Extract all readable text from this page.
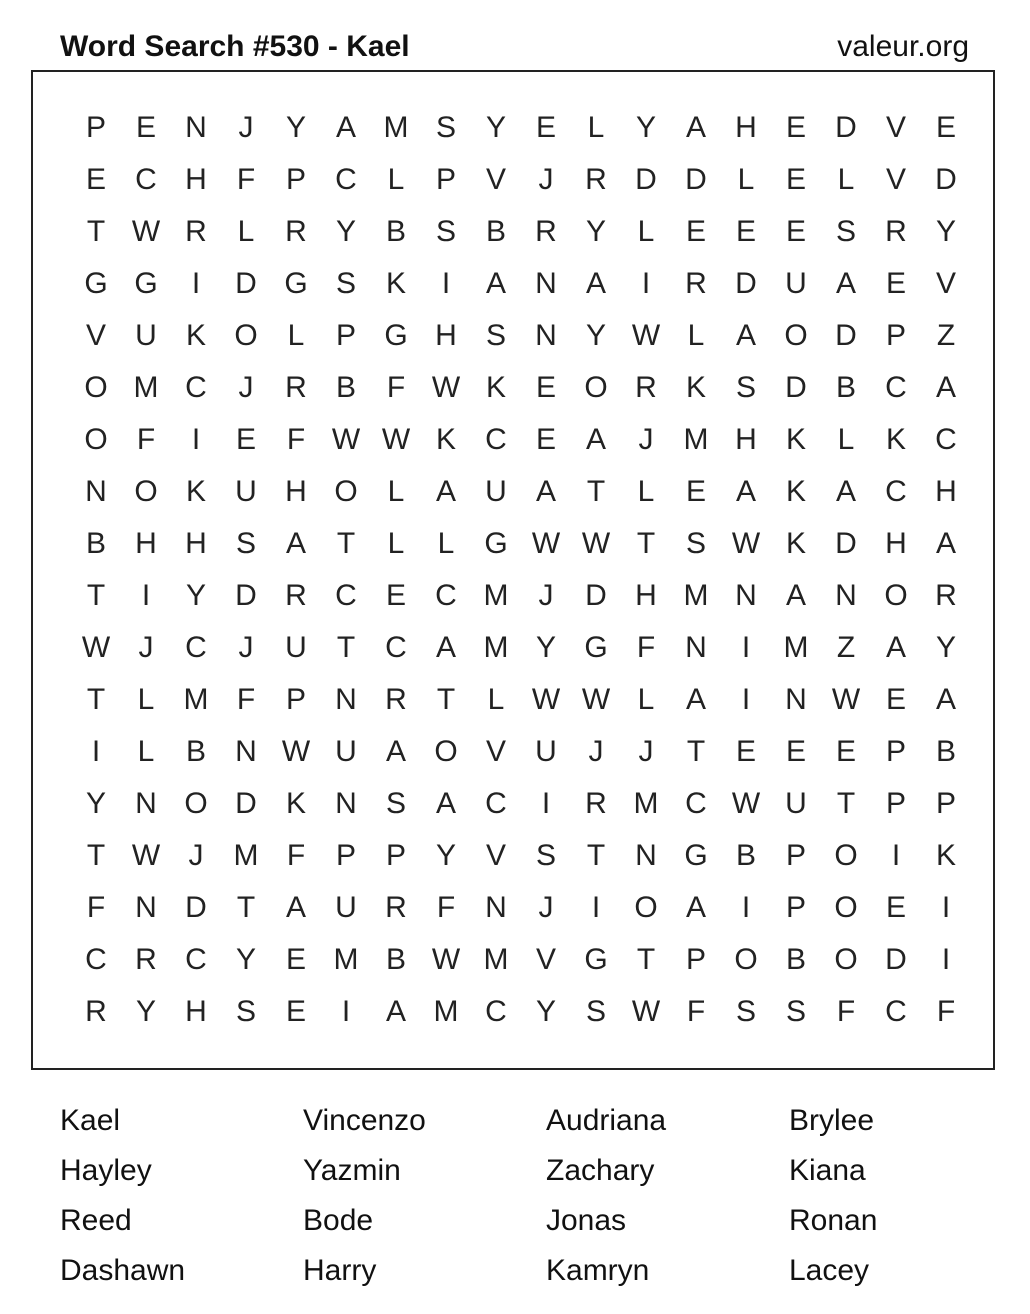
Word Search #530 - Kael	valeur.org
P E N	J	Y A M S Y E	L	Y A H E D V E
E C H	F	P C	L	P V	J	R D D	L	E	L	V D
T W R	L	R Y B S B R Y	L	E E E S R Y
G G	I	D G S K	I	A N A	I	R D U A E V
V U K O L	P G H S N Y W L	A O D P	Z
O M C	J	R B	F W K E O R K S D B C A
O F	I	E	F W W K C E A	J	M H K	L	K C
N O K U H O L	A U A	T	L	E A K A C H
B H H S A	T	L	L G W W T	S W K D H A
T	I	Y D R C E C M	J	D H M N A N O R
W J	C	J	U	T	C A M Y G F	N	I	M Z	A Y
T	L M F	P N R	T	L W W L	A	I	N W E A
I	L	B N W U A O V U	J	J	T	E E E P B
Y N O D K N S A C	I	R M C W U	T	P P
T W J	M F	P P Y V S	T	N G B P O	I	K
F	N D	T	A U R	F	N	J	I	O A	I	P O E	I
C R C Y E M B W M V G T	P O B O D	I
R Y H S E	I	A M C Y S W F	S S	F	C	F
Kael	Vincenzo	Audriana	Brylee
Hayley	Yazmin	Zachary	Kiana
Reed	Bode	Jonas	Ronan
Dashawn	Harry	Kamryn	Lacey
